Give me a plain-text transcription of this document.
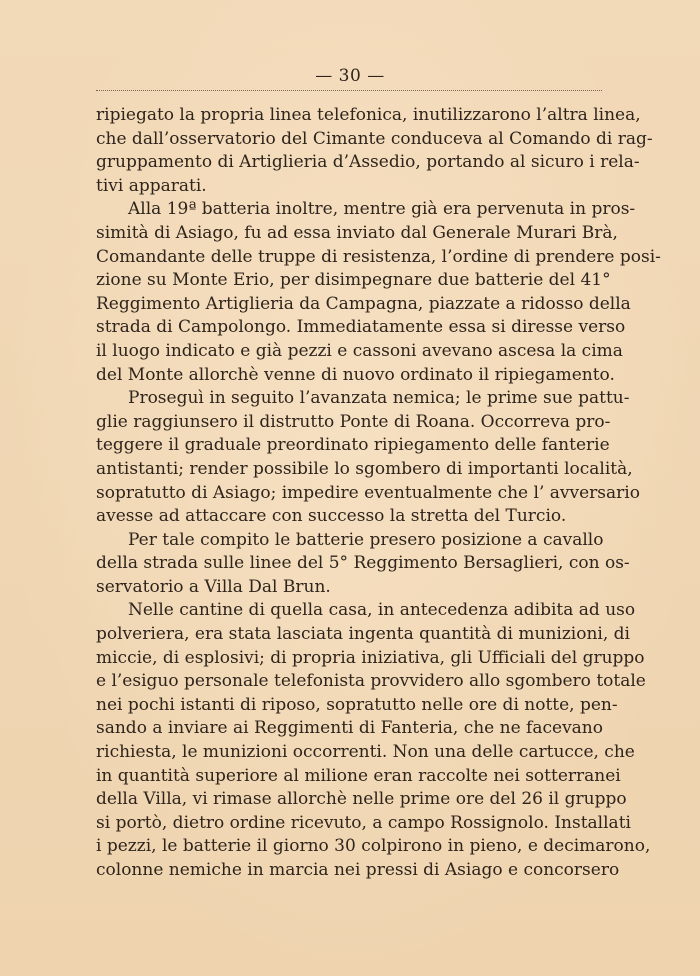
— 30 —

ripiegato la propria linea telefonica, inutilizzarono l’altra linea,
che dall’osservatorio del Cimante conduceva al Comando di rag-
gruppamento di Artiglieria d’Assedio, portando al sicuro i rela-
tivi apparati.

Alla 19ª batteria inoltre, mentre già era pervenuta in pros-
simità di Asiago, fu ad essa inviato dal Generale Murari Brà,
Comandante delle truppe di resistenza, l’ordine di prendere posi-
zione su Monte Erio, per disimpegnare due batterie del 41°
Reggimento Artiglieria da Campagna, piazzate a ridosso della
strada di Campolongo. Immediatamente essa si diresse verso
il luogo indicato e già pezzi e cassoni avevano ascesa la cima
del Monte allorchè venne di nuovo ordinato il ripiegamento.

Proseguì in seguito l’avanzata nemica; le prime sue pattu-
glie raggiunsero il distrutto Ponte di Roana. Occorreva pro-
teggere il graduale preordinato ripiegamento delle fanterie
antistanti; render possibile lo sgombero di importanti località,
sopratutto di Asiago; impedire eventualmente che l’ avversario
avesse ad attaccare con successo la stretta del Turcio.

Per tale compito le batterie presero posizione a cavallo
della strada sulle linee del 5° Reggimento Bersaglieri, con os-
servatorio a Villa Dal Brun.

Nelle cantine di quella casa, in antecedenza adibita ad uso
polveriera, era stata lasciata ingenta quantità di munizioni, di
miccie, di esplosivi; di propria iniziativa, gli Ufficiali del gruppo
e l’esiguo personale telefonista provvidero allo sgombero totale
nei pochi istanti di riposo, sopratutto nelle ore di notte, pen-
sando a inviare ai Reggimenti di Fanteria, che ne facevano
richiesta, le munizioni occorrenti. Non una delle cartucce, che
in quantità superiore al milione eran raccolte nei sotterranei
della Villa, vi rimase allorchè nelle prime ore del 26 il gruppo
si portò, dietro ordine ricevuto, a campo Rossignolo. Installati
i pezzi, le batterie il giorno 30 colpirono in pieno, e decimarono,
colonne nemiche in marcia nei pressi di Asiago e concorsero
